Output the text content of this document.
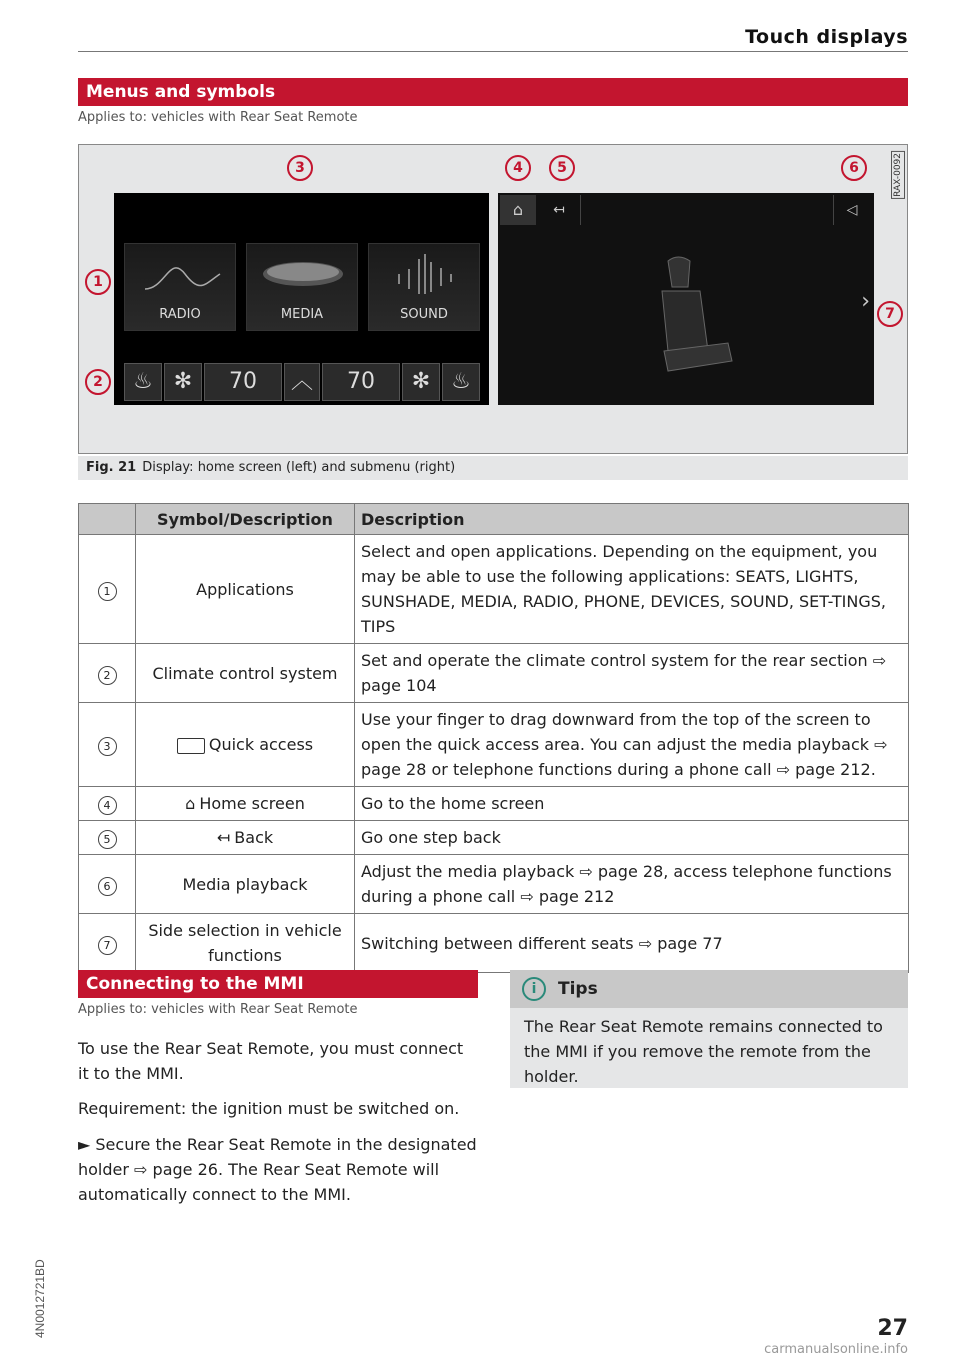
Touch displays
Menus and symbols
Applies to: vehicles with Rear Seat Remote
RAX-0092
RADIO	MEDIA	SOUND
♨ ✻	70	︿	70	✻ ♨
⌂	↤	◁
›
1
2
3	4	5	6
7
Fig. 21 Display: home screen (left) and submenu (right)
	Symbol/Description	Description
1	Applications	Select and open applications. Depending on the equipment, you may be able to use the following applications: SEATS, LIGHTS, SUNSHADE, MEDIA, RADIO, PHONE, DEVICES, SOUND, SET-TINGS, TIPS
2	Climate control system	Set and operate the climate control system for the rear section ⇨ page 104
3	Quick access	Use your finger to drag downward from the top of the screen to open the quick access area. You can adjust the media playback ⇨ page 28 or telephone functions during a phone call ⇨ page 212.
4	⌂ Home screen	Go to the home screen
5	↤ Back	Go one step back
6	Media playback	Adjust the media playback ⇨ page 28, access telephone functions during a phone call ⇨ page 212
7	Side selection in vehicle functions	Switching between different seats ⇨ page 77
Connecting to the MMI
Applies to: vehicles with Rear Seat Remote
To use the Rear Seat Remote, you must connect it to the MMI.
Requirement: the ignition must be switched on.
► Secure the Rear Seat Remote in the designated holder ⇨ page 26. The Rear Seat Remote will automatically connect to the MMI.
i Tips
The Rear Seat Remote remains connected to the MMI if you remove the remote from the holder.
4N0012721BD	27
carmanualsonline.info
